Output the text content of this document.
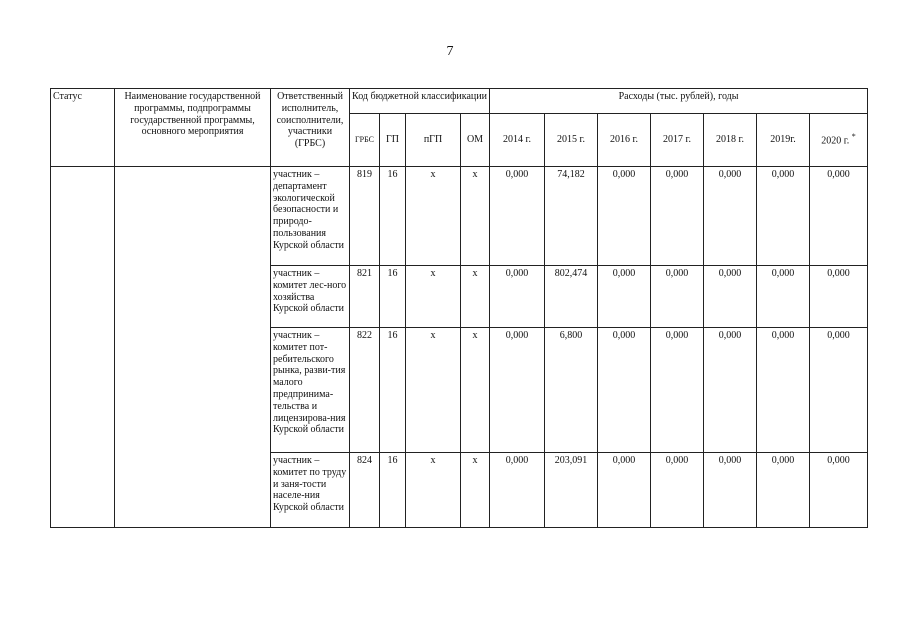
7
Статус	Наименование государственной программы, подпрограммы государственной программы, основного мероприятия	Ответственный исполнитель, соисполнители, участники (ГРБС)	Код бюджетной классификации				Расходы (тыс. рублей), годы						
			ГРБС	ГП	пГП	ОМ	2014 г.	2015 г.	2016 г.	2017 г.	2018 г.	2019г.	2020 г. *
		участник – департамент экологической безопасности и природо-пользования Курской области	819	16	х	х	0,000	74,182	0,000	0,000	0,000	0,000	0,000
		участник – комитет лес-ного хозяйства Курской области	821	16	х	х	0,000	802,474	0,000	0,000	0,000	0,000	0,000
		участник – комитет пот-ребительского рынка, разви-тия малого предпринима-тельства и лицензирова-ния Курской области	822	16	х	х	0,000	6,800	0,000	0,000	0,000	0,000	0,000
		участник – комитет по труду и заня-тости населе-ния Курской области	824	16	х	х	0,000	203,091	0,000	0,000	0,000	0,000	0,000
